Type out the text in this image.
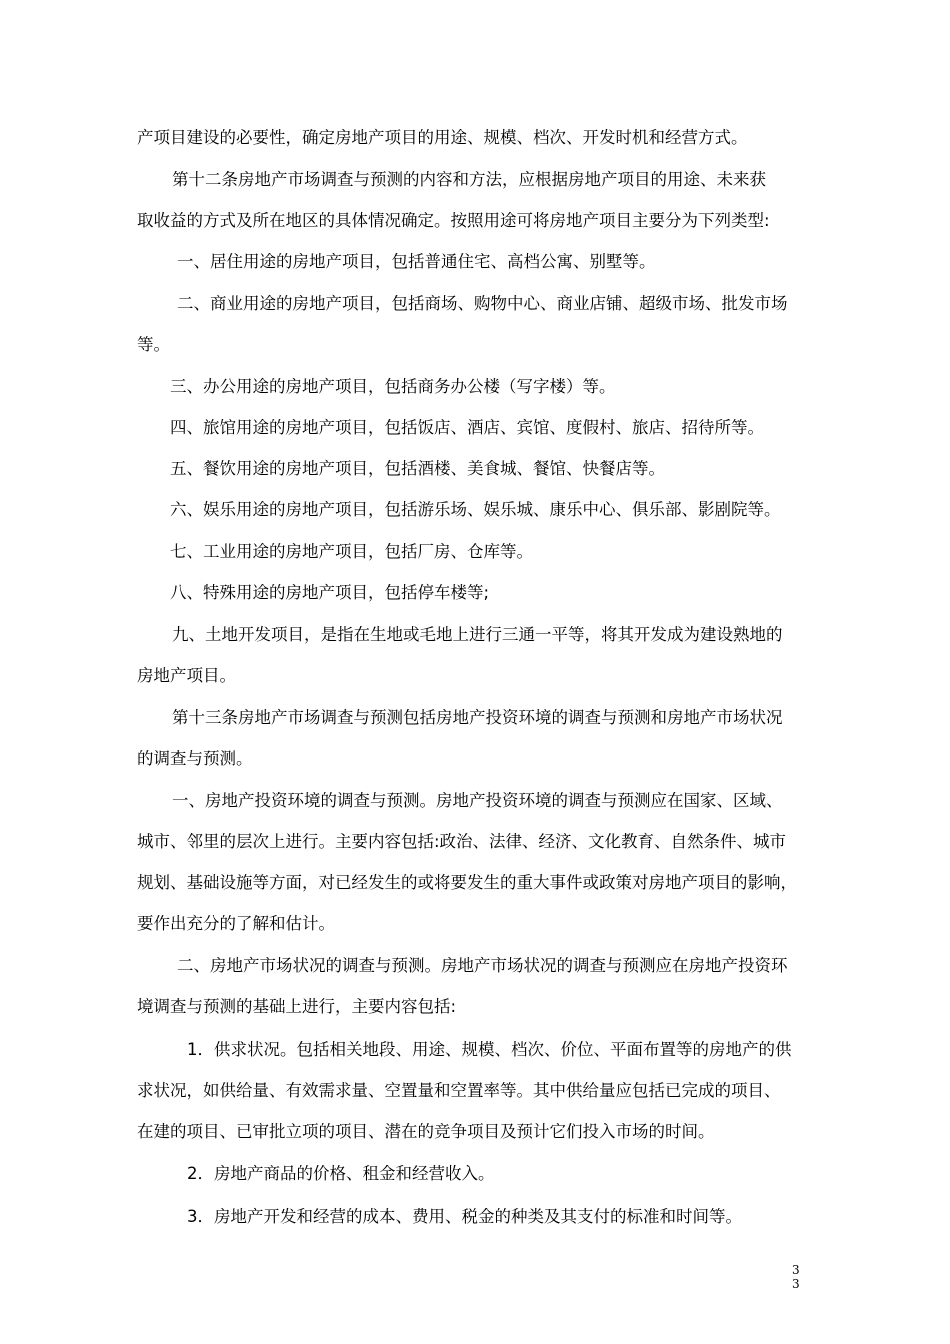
产项目建设的必要性，确定房地产项目的用途、规模、档次、开发时机和经营方式。
第十二条房地产市场调查与预测的内容和方法，应根据房地产项目的用途、未来获
取收益的方式及所在地区的具体情况确定。按照用途可将房地产项目主要分为下列类型:
一、居住用途的房地产项目，包括普通住宅、高档公寓、别墅等。
二、商业用途的房地产项目，包括商场、购物中心、商业店铺、超级市场、批发市场
等。
三、办公用途的房地产项目，包括商务办公楼（写字楼）等。
四、旅馆用途的房地产项目，包括饭店、酒店、宾馆、度假村、旅店、招待所等。
五、餐饮用途的房地产项目，包括酒楼、美食城、餐馆、快餐店等。
六、娱乐用途的房地产项目，包括游乐场、娱乐城、康乐中心、俱乐部、影剧院等。
七、工业用途的房地产项目，包括厂房、仓库等。
八、特殊用途的房地产项目，包括停车楼等;
九、土地开发项目，是指在生地或毛地上进行三通一平等，将其开发成为建设熟地的
房地产项目。
第十三条房地产市场调查与预测包括房地产投资环境的调查与预测和房地产市场状况
的调查与预测。
一、房地产投资环境的调查与预测。房地产投资环境的调查与预测应在国家、区域、
城市、邻里的层次上进行。主要内容包括:政治、法律、经济、文化教育、自然条件、城市
规划、基础设施等方面，对已经发生的或将要发生的重大事件或政策对房地产项目的影响，
要作出充分的了解和估计。
二、房地产市场状况的调查与预测。房地产市场状况的调查与预测应在房地产投资环
境调查与预测的基础上进行，主要内容包括:
1．供求状况。包括相关地段、用途、规模、档次、价位、平面布置等的房地产的供
求状况，如供给量、有效需求量、空置量和空置率等。其中供给量应包括已完成的项目、
在建的项目、已审批立项的项目、潜在的竞争项目及预计它们投入市场的时间。
2．房地产商品的价格、租金和经营收入。
3．房地产开发和经营的成本、费用、税金的种类及其支付的标准和时间等。
3
3
